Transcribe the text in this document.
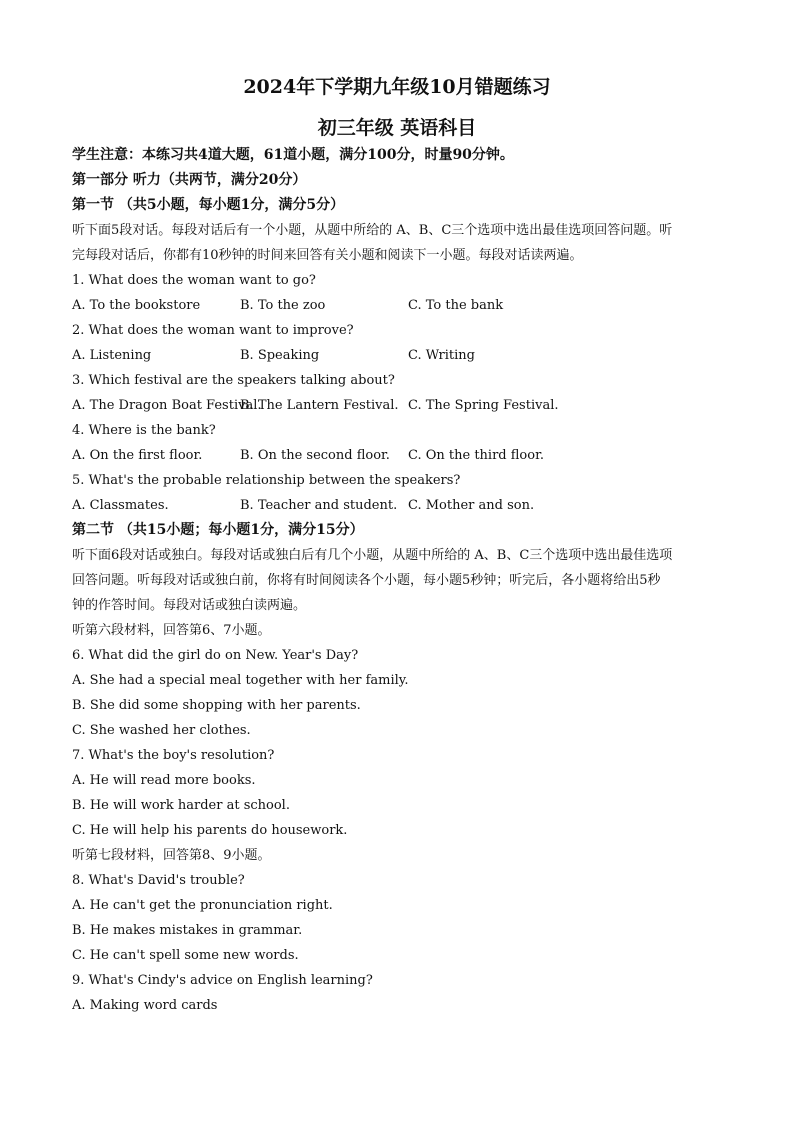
2024年下学期九年级10月错题练习
初三年级 英语科目
学生注意：本练习共4道大题，61道小题，满分100分，时量90分钟。
第一部分 听力（共两节，满分20分）
第一节 （共5小题，每小题1分，满分5分）
听下面5段对话。每段对话后有一个小题，从题中所给的 A、B、C三个选项中选出最佳选项回答问题。听
完每段对话后，你都有10秒钟的时间来回答有关小题和阅读下一小题。每段对话读两遍。
1. What does the woman want to go?
A. To the bookstore	B. To the zoo	C. To the bank
2. What does the woman want to improve?
A. Listening	B. Speaking	C. Writing
3. Which festival are the speakers talking about?
A. The Dragon Boat Festival.
B. The Lantern Festival. C. The Spring Festival.
4. Where is the bank?
A. On the first floor.	B. On the second floor. C. On the third floor.
5. What's the probable relationship between the speakers?
A. Classmates.	B. Teacher and student. C. Mother and son.
第二节 （共15小题；每小题1分，满分15分）
听下面6段对话或独白。每段对话或独白后有几个小题，从题中所给的 A、B、C三个选项中选出最佳选项
回答问题。听每段对话或独白前，你将有时间阅读各个小题，每小题5秒钟；听完后，各小题将给出5秒
钟的作答时间。每段对话或独白读两遍。
听第六段材料，回答第6、7小题。
6. What did the girl do on New. Year's Day?
A. She had a special meal together with her family.
B. She did some shopping with her parents.
C. She washed her clothes.
7. What's the boy's resolution?
A. He will read more books.
B. He will work harder at school.
C. He will help his parents do housework.
听第七段材料，回答第8、9小题。
8. What's David's trouble?
A. He can't get the pronunciation right.
B. He makes mistakes in grammar.
C. He can't spell some new words.
9. What's Cindy's advice on English learning?
A. Making word cards
